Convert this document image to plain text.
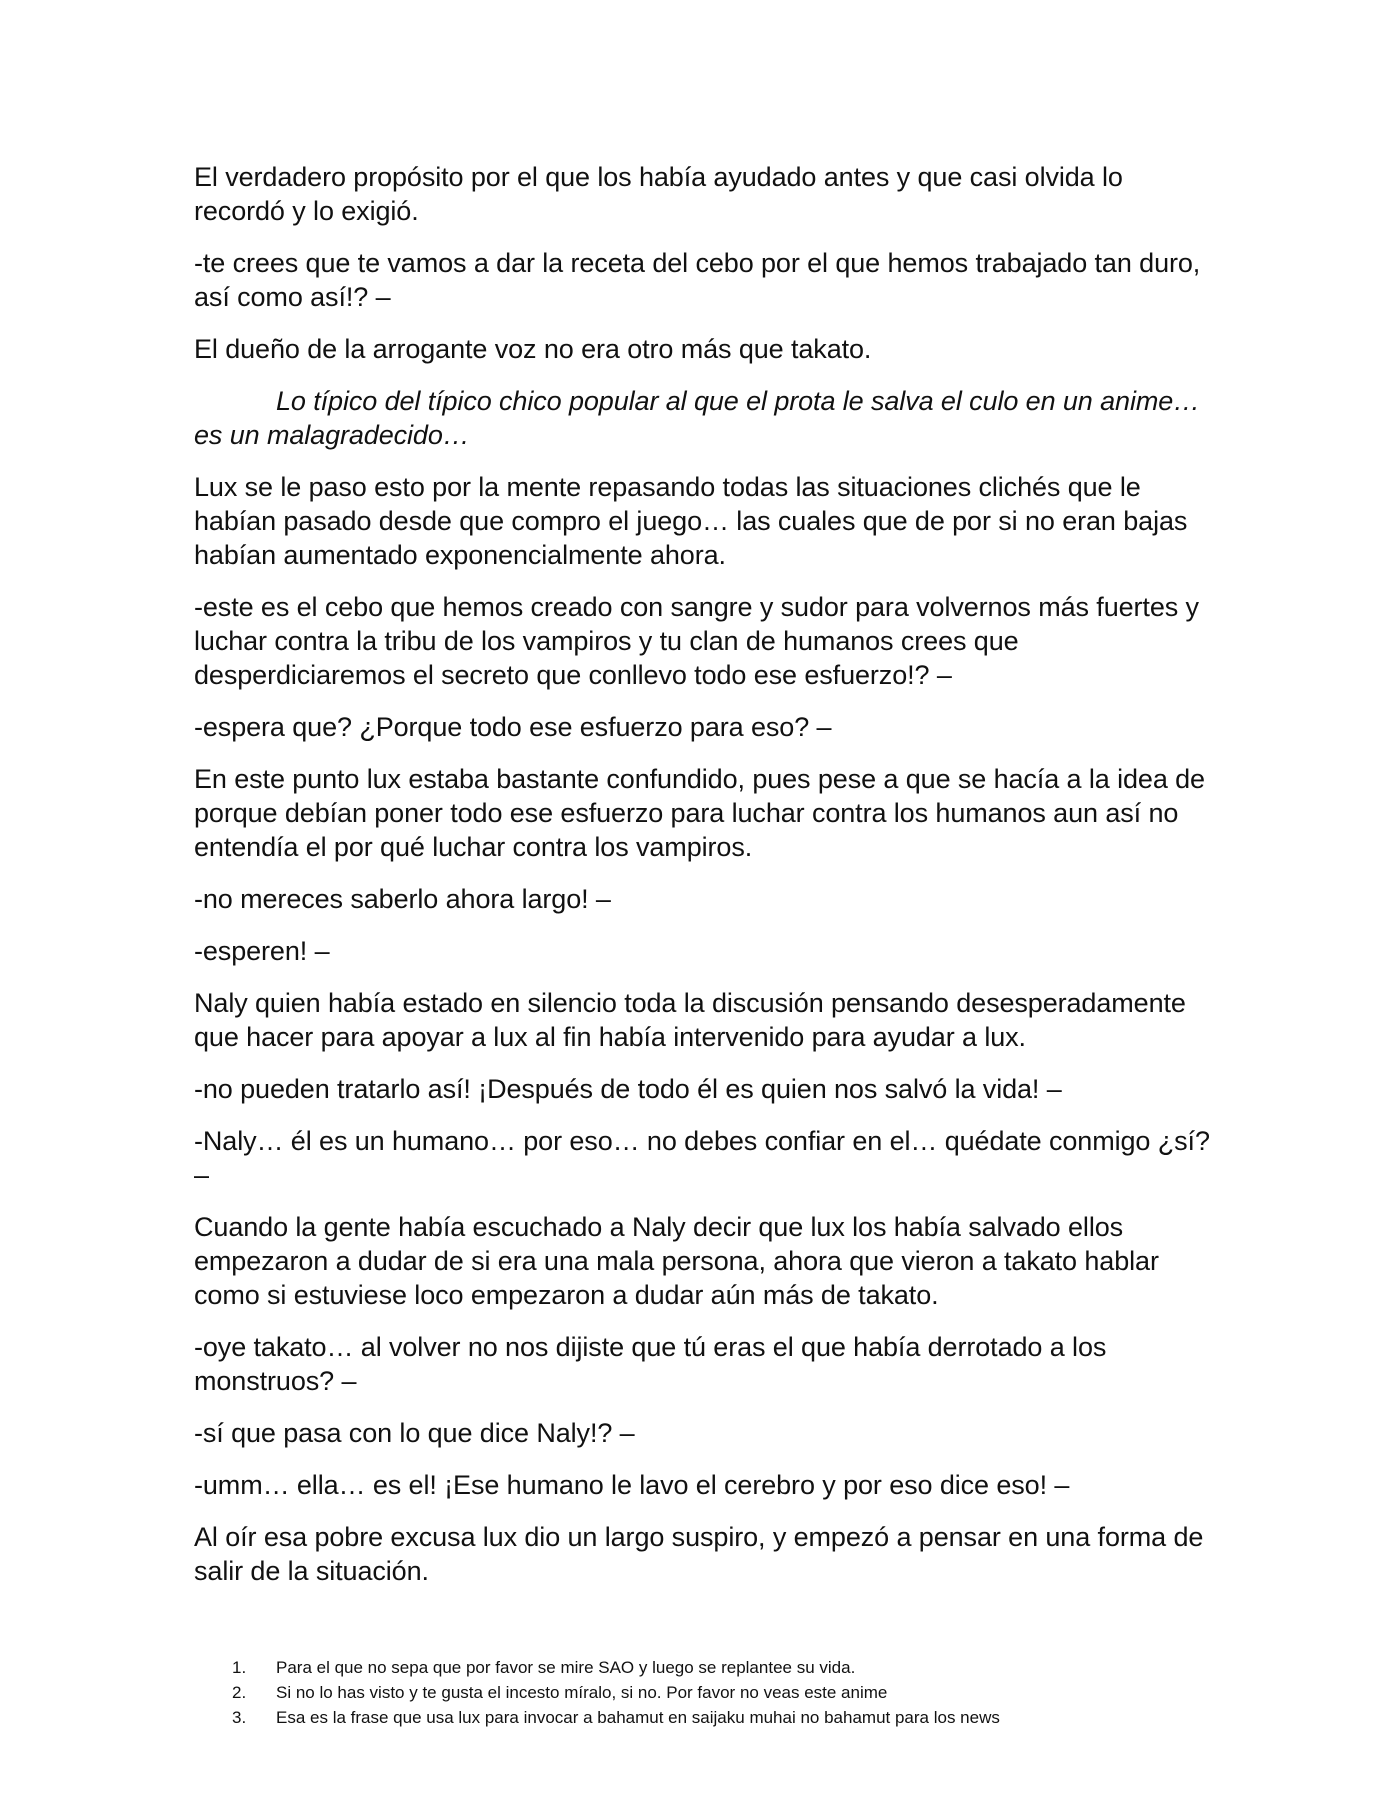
El verdadero propósito por el que los había ayudado antes y que casi olvida lo recordó y lo exigió.

-te crees que te vamos a dar la receta del cebo por el que hemos trabajado tan duro, así como así!? –

El dueño de la arrogante voz no era otro más que takato.

Lo típico del típico chico popular al que el prota le salva el culo en un anime… es un malagradecido…

Lux se le paso esto por la mente repasando todas las situaciones clichés que le habían pasado desde que compro el juego… las cuales que de por si no eran bajas habían aumentado exponencialmente ahora.

-este es el cebo que hemos creado con sangre y sudor para volvernos más fuertes y luchar contra la tribu de los vampiros y tu clan de humanos crees que desperdiciaremos el secreto que conllevo todo ese esfuerzo!? –

-espera que? ¿Porque todo ese esfuerzo para eso? –

En este punto lux estaba bastante confundido, pues pese a que se hacía a la idea de porque debían poner todo ese esfuerzo para luchar contra los humanos aun así no entendía el por qué luchar contra los vampiros.

-no mereces saberlo ahora largo! –

-esperen! –

Naly quien había estado en silencio toda la discusión pensando desesperadamente que hacer para apoyar a lux al fin había intervenido para ayudar a lux.

-no pueden tratarlo así! ¡Después de todo él es quien nos salvó la vida! –

-Naly… él es un humano… por eso… no debes confiar en el… quédate conmigo ¿sí? –

Cuando la gente había escuchado a Naly decir que lux los había salvado ellos empezaron a dudar de si era una mala persona, ahora que vieron a takato hablar como si estuviese loco empezaron a dudar aún más de takato.

-oye takato… al volver no nos dijiste que tú eras el que había derrotado a los monstruos? –

-sí que pasa con lo que dice Naly!? –

-umm… ella… es el! ¡Ese humano le lavo el cerebro y por eso dice eso! –

Al oír esa pobre excusa lux dio un largo suspiro, y empezó a pensar en una forma de salir de la situación.

1.	Para el que no sepa que por favor se mire SAO y luego se replantee su vida.
2.	Si no lo has visto y te gusta el incesto míralo, si no. Por favor no veas este anime
3.	Esa es la frase que usa lux para invocar a bahamut en saijaku muhai no bahamut para los news
